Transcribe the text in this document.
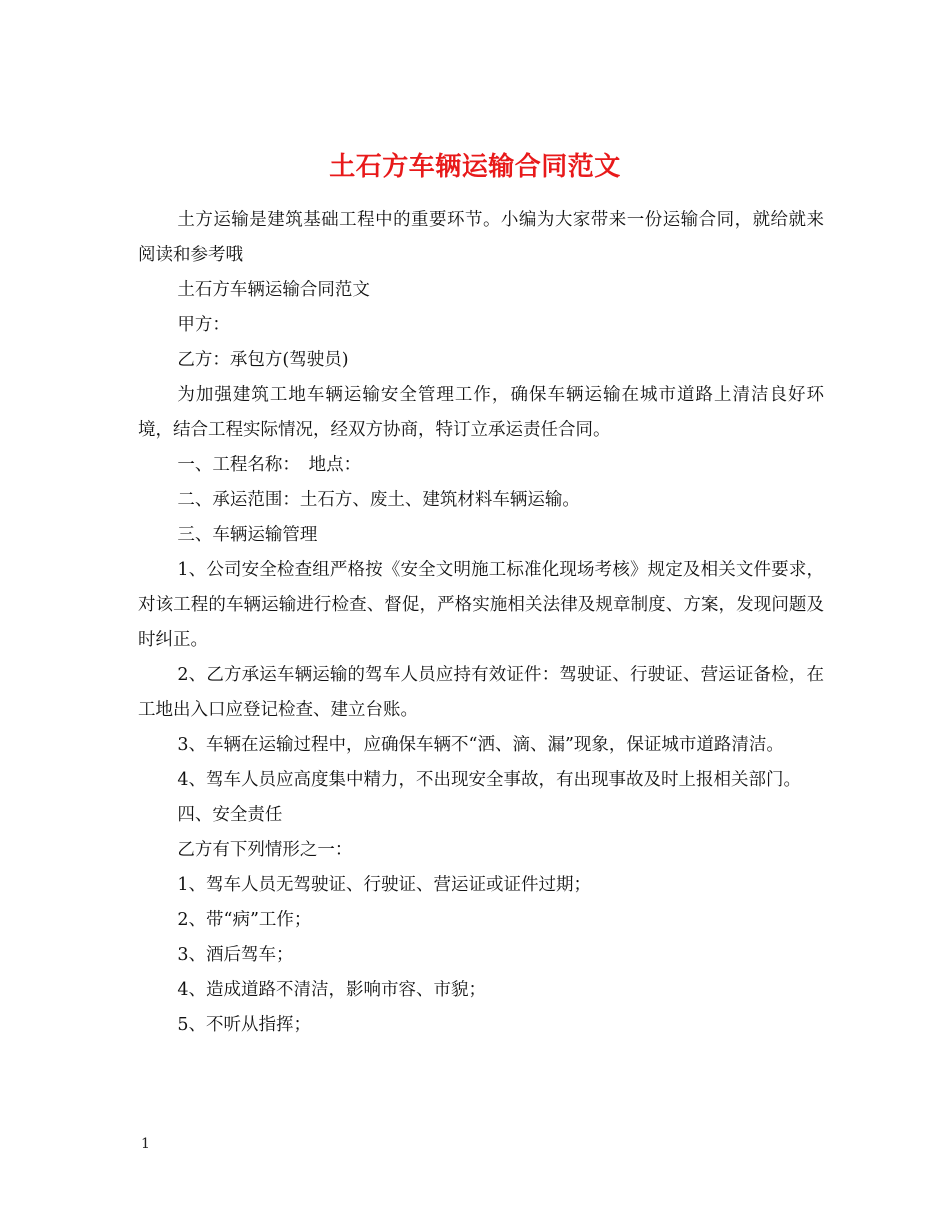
土石方车辆运输合同范文

土方运输是建筑基础工程中的重要环节。小编为大家带来一份运输合同，就给就来阅读和参考哦

土石方车辆运输合同范文

甲方：

乙方：承包方(驾驶员)

为加强建筑工地车辆运输安全管理工作，确保车辆运输在城市道路上清洁良好环境，结合工程实际情况，经双方协商，特订立承运责任合同。

一、工程名称：　地点：

二、承运范围：土石方、废土、建筑材料车辆运输。

三、车辆运输管理

1、公司安全检查组严格按《安全文明施工标准化现场考核》规定及相关文件要求，对该工程的车辆运输进行检查、督促，严格实施相关法律及规章制度、方案，发现问题及时纠正。

2、乙方承运车辆运输的驾车人员应持有效证件：驾驶证、行驶证、营运证备检，在工地出入口应登记检查、建立台账。

3、车辆在运输过程中，应确保车辆不“洒、滴、漏”现象，保证城市道路清洁。

4、驾车人员应高度集中精力，不出现安全事故，有出现事故及时上报相关部门。

四、安全责任

乙方有下列情形之一：

1、驾车人员无驾驶证、行驶证、营运证或证件过期；

2、带“病”工作；

3、酒后驾车；

4、造成道路不清洁，影响市容、市貌；

5、不听从指挥；

1
